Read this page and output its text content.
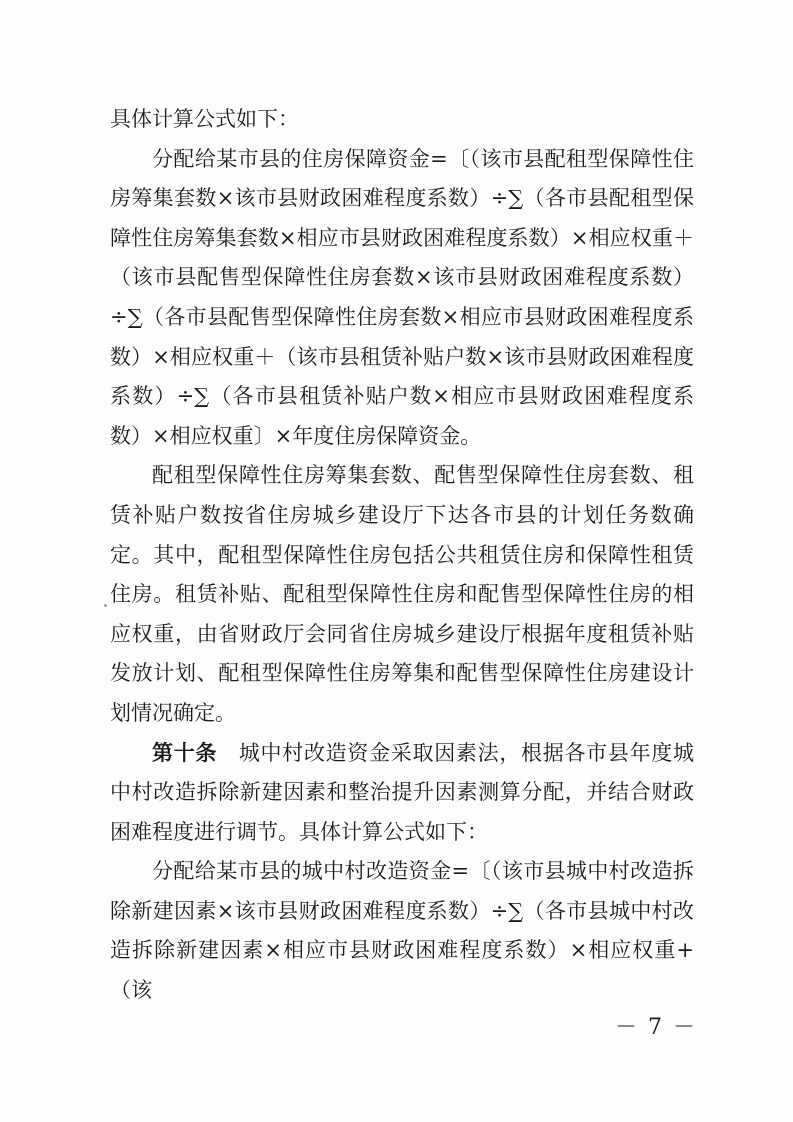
具体计算公式如下：

分配给某市县的住房保障资金=〔（该市县配租型保障性住房筹集套数×该市县财政困难程度系数）÷∑（各市县配租型保障性住房筹集套数×相应市县财政困难程度系数）×相应权重＋（该市县配售型保障性住房套数×该市县财政困难程度系数）÷∑（各市县配售型保障性住房套数×相应市县财政困难程度系数）×相应权重＋（该市县租赁补贴户数×该市县财政困难程度系数）÷∑（各市县租赁补贴户数×相应市县财政困难程度系数）×相应权重〕×年度住房保障资金。

配租型保障性住房筹集套数、配售型保障性住房套数、租赁补贴户数按省住房城乡建设厅下达各市县的计划任务数确定。其中，配租型保障性住房包括公共租赁住房和保障性租赁住房。租赁补贴、配租型保障性住房和配售型保障性住房的相应权重，由省财政厅会同省住房城乡建设厅根据年度租赁补贴发放计划、配租型保障性住房筹集和配售型保障性住房建设计划情况确定。

第十条　 城中村改造资金采取因素法，根据各市县年度城中村改造拆除新建因素和整治提升因素测算分配，并结合财政困难程度进行调节。具体计算公式如下：

分配给某市县的城中村改造资金=〔（该市县城中村改造拆除新建因素×该市县财政困难程度系数）÷∑（各市县城中村改造拆除新建因素×相应市县财政困难程度系数）×相应权重+（该

－ 7 －
